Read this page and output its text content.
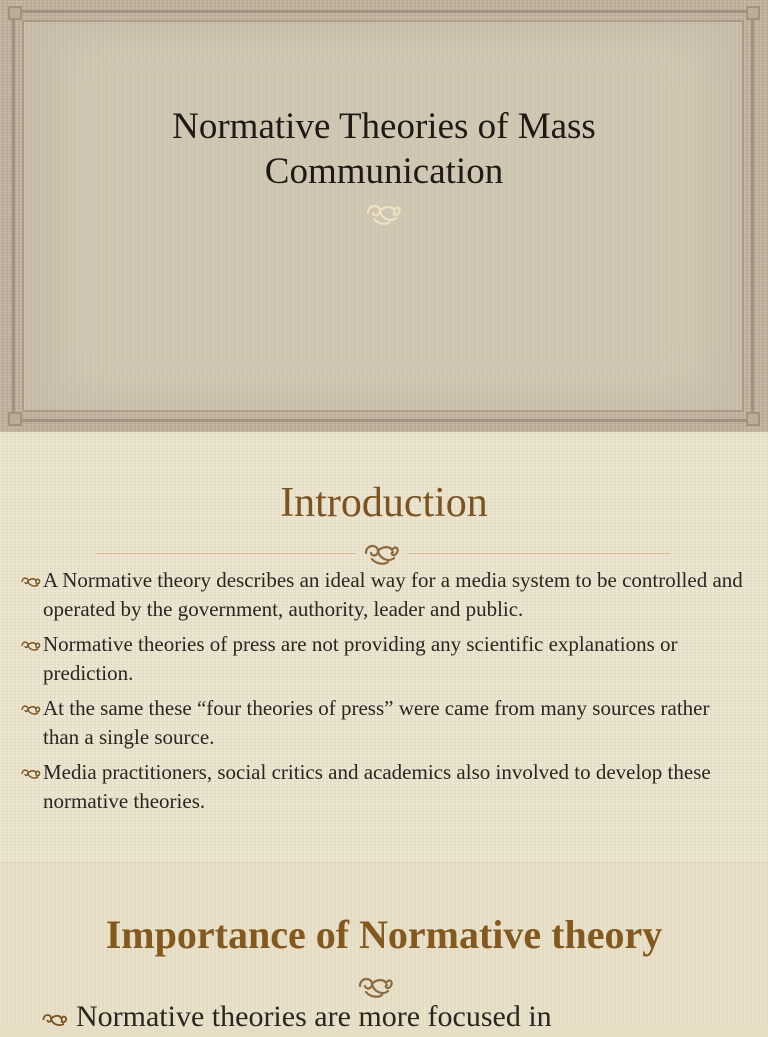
Normative Theories of Mass
Communication
Introduction
A Normative theory describes an ideal way for a media system to be controlled and operated by the government, authority, leader and public.
Normative theories of press are not providing any scientific explanations or prediction.
At the same these “four theories of press” were came from many sources rather than a single source.
Media practitioners, social critics and academics also involved to develop these normative theories.
Importance of Normative theory
Normative theories are more focused in
